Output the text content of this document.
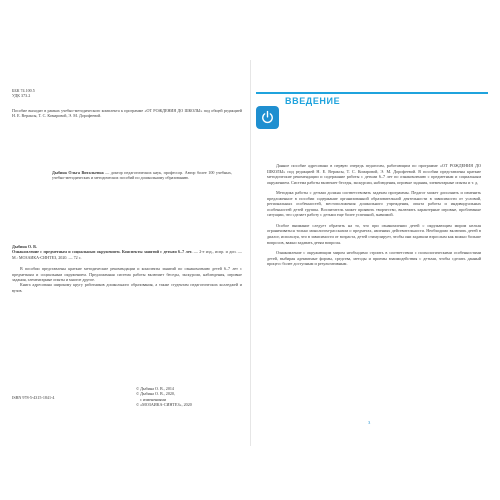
ББК 74.100.5
УДК 373.2
Пособие выходит в рамках учебно-методического комплекта к программе «ОТ РОЖДЕНИЯ ДО ШКОЛЫ» под общей редакцией Н. Е. Вераксы, Т. С. Комаровой, Э. М. Дорофеевой.
Дыбина Ольга Витальевна — доктор педагогических наук, профессор. Автор более 100 учебных, учебно-методических и методических пособий по дошкольному образованию.
Дыбина О. В.
Ознакомление с предметным и социальным окружением. Конспекты занятий с детьми 6–7 лет. — 2-е изд., испр. и доп. — М.: МОЗАИКА-СИНТЕЗ, 2020. — 72 с.
В пособии представлены краткие методические рекомендации и конспекты занятий по ознакомлению детей 6–7 лет с предметным и социальным окружением. Предложенная система работы включает беседы, экскурсии, наблюдения, игровые задания, элементарные опыты и многое другое.
Книга адресована широкому кругу работников дошкольного образования, а также студентам педагогических колледжей и вузов.
ISBN 978-5-4315-1841-4
© Дыбина О. В., 2014
© Дыбина О. В., 2020,
с изменениями
© «МОЗАИКА-СИНТЕЗ», 2020
ВВЕДЕНИЕ

Данное пособие адресовано в первую очередь педагогам, работающим по программе «ОТ РОЖДЕНИЯ ДО ШКОЛЫ» под редакцией Н. Е. Вераксы, Т. С. Комаровой, Э. М. Дорофеевой. В пособии представлены краткие методические рекомендации и содержание работы с детьми 6–7 лет по ознакомлению с предметным и социальным окружением. Система работы включает беседы, экскурсии, наблюдения, игровые задания, элементарные опыты и т. д.

Методика работы с детьми должна соответствовать задачам программы. Педагог может дополнить и изменить предложенное в пособии содержание организованной образовательной деятельности в зависимости от условий, региональных особенностей, местоположения дошкольного учреждения, опыта работы и индивидуальных особенностей детей группы. Воспитатель может проявить творчество, включить характерные игровые, проблемные ситуации, что сделает работу с детьми еще более успешной, значимой.

Особое внимание следует обратить на то, что при ознакомлении детей с окружающим миром нельзя ограничиваться только монологом-рассказом о предметах, явлениях действительности. Необходимо включать детей в диалог, используя, что в зависимости от возраста, детей стимулирует, чтобы они задавали взрослым как можно больше вопросов, важно задавать детям вопросы.

Ознакомление с окружающим миром необходимо строить в соответствии с психологическими особенностями детей, выбирая адекватные формы, средства, методы и приемы взаимодействия с детьми, чтобы сделать данный процесс более доступным и результативным.

3
